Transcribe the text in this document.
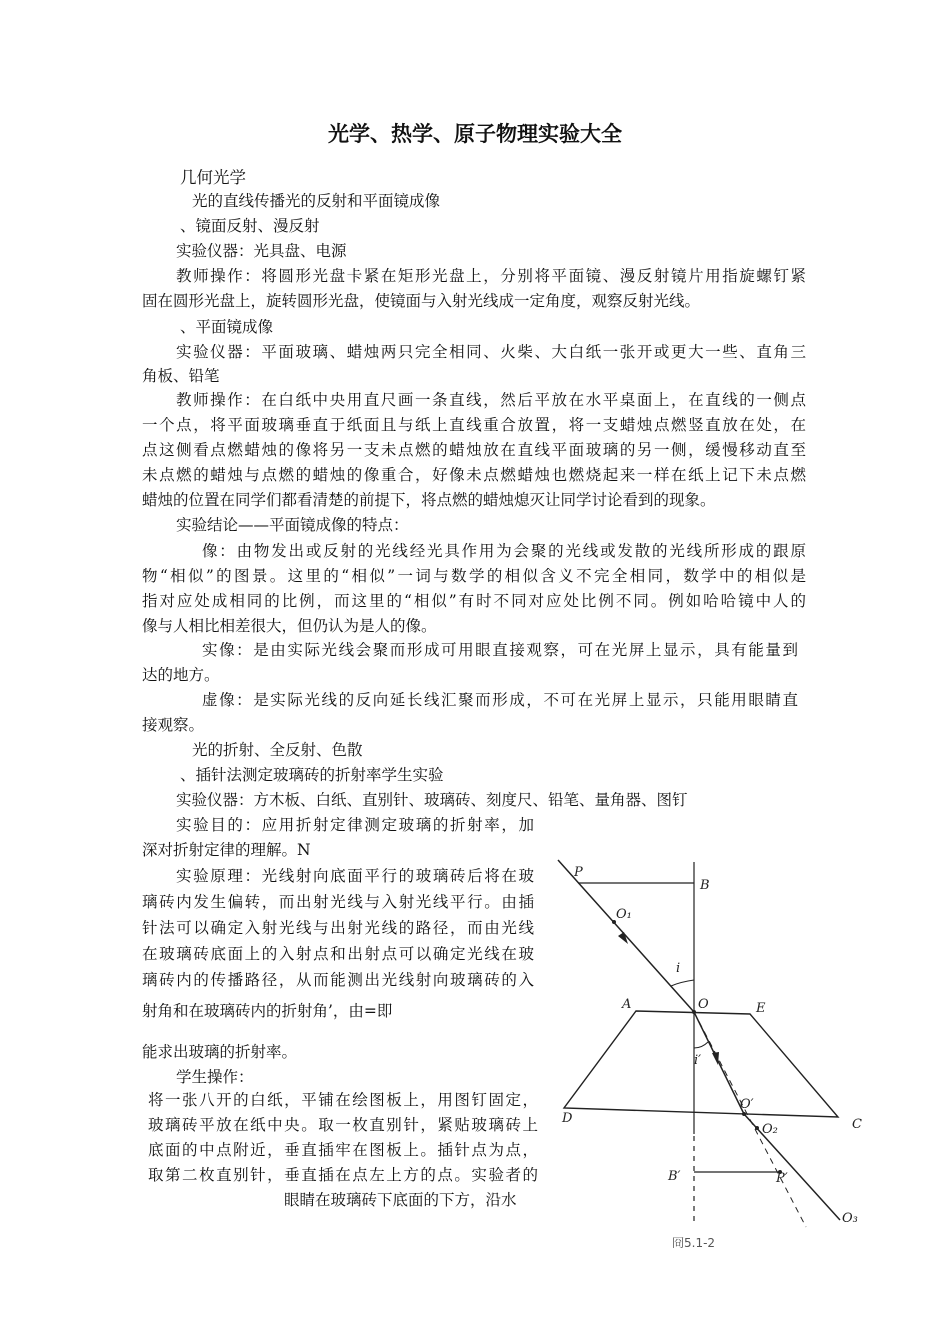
光学、热学、原子物理实验大全
几何光学
光的直线传播光的反射和平面镜成像
、镜面反射、漫反射
实验仪器：光具盘、电源
教师操作：将圆形光盘卡紧在矩形光盘上，分别将平面镜、漫反射镜片用指旋螺钉紧
固在圆形光盘上，旋转圆形光盘，使镜面与入射光线成一定角度，观察反射光线。
、平面镜成像
实验仪器：平面玻璃、蜡烛两只完全相同、火柴、大白纸一张开或更大一些、直角三
角板、铅笔
教师操作：在白纸中央用直尺画一条直线，然后平放在水平桌面上，在直线的一侧点
一个点，将平面玻璃垂直于纸面且与纸上直线重合放置，将一支蜡烛点燃竖直放在处，在
点这侧看点燃蜡烛的像将另一支未点燃的蜡烛放在直线平面玻璃的另一侧，缓慢移动直至
未点燃的蜡烛与点燃的蜡烛的像重合，好像未点燃蜡烛也燃烧起来一样在纸上记下未点燃
蜡烛的位置在同学们都看清楚的前提下，将点燃的蜡烛熄灭让同学讨论看到的现象。
实验结论——平面镜成像的特点：
像：由物发出或反射的光线经光具作用为会聚的光线或发散的光线所形成的跟原
物“相似”的图景。这里的“相似”一词与数学的相似含义不完全相同，数学中的相似是
指对应处成相同的比例，而这里的“相似”有时不同对应处比例不同。例如哈哈镜中人的
像与人相比相差很大，但仍认为是人的像。
实像：是由实际光线会聚而形成可用眼直接观察，可在光屏上显示，具有能量到
达的地方。
虚像：是实际光线的反向延长线汇聚而形成，不可在光屏上显示，只能用眼睛直
接观察。
光的折射、全反射、色散
、插针法测定玻璃砖的折射率学生实验
实验仪器：方木板、白纸、直别针、玻璃砖、刻度尺、铅笔、量角器、图钉
实验目的：应用折射定律测定玻璃的折射率，加
深对折射定律的理解。N
实验原理：光线射向底面平行的玻璃砖后将在玻
璃砖内发生偏转，而出射光线与入射光线平行。由插
针法可以确定入射光线与出射光线的路径，而由光线
在玻璃砖底面上的入射点和出射点可以确定光线在玻
璃砖内的传播路径，从而能测出光线射向玻璃砖的入
射角和在玻璃砖内的折射角’，由=即
能求出玻璃的折射率。
学生操作：
将一张八开的白纸，平铺在绘图板上，用图钉固定，
玻璃砖平放在纸中央。取一枚直别针，紧贴玻璃砖上
底面的中点附近，垂直插牢在图板上。插针点为点，
取第二枚直别针，垂直插在点左上方的点。实验者的
眼睛在玻璃砖下底面的下方，沿水
P
B
O₁
i
A	O	E
i′
D
O′
C
O₂
B′	P′
O₃
冏5.1-2
